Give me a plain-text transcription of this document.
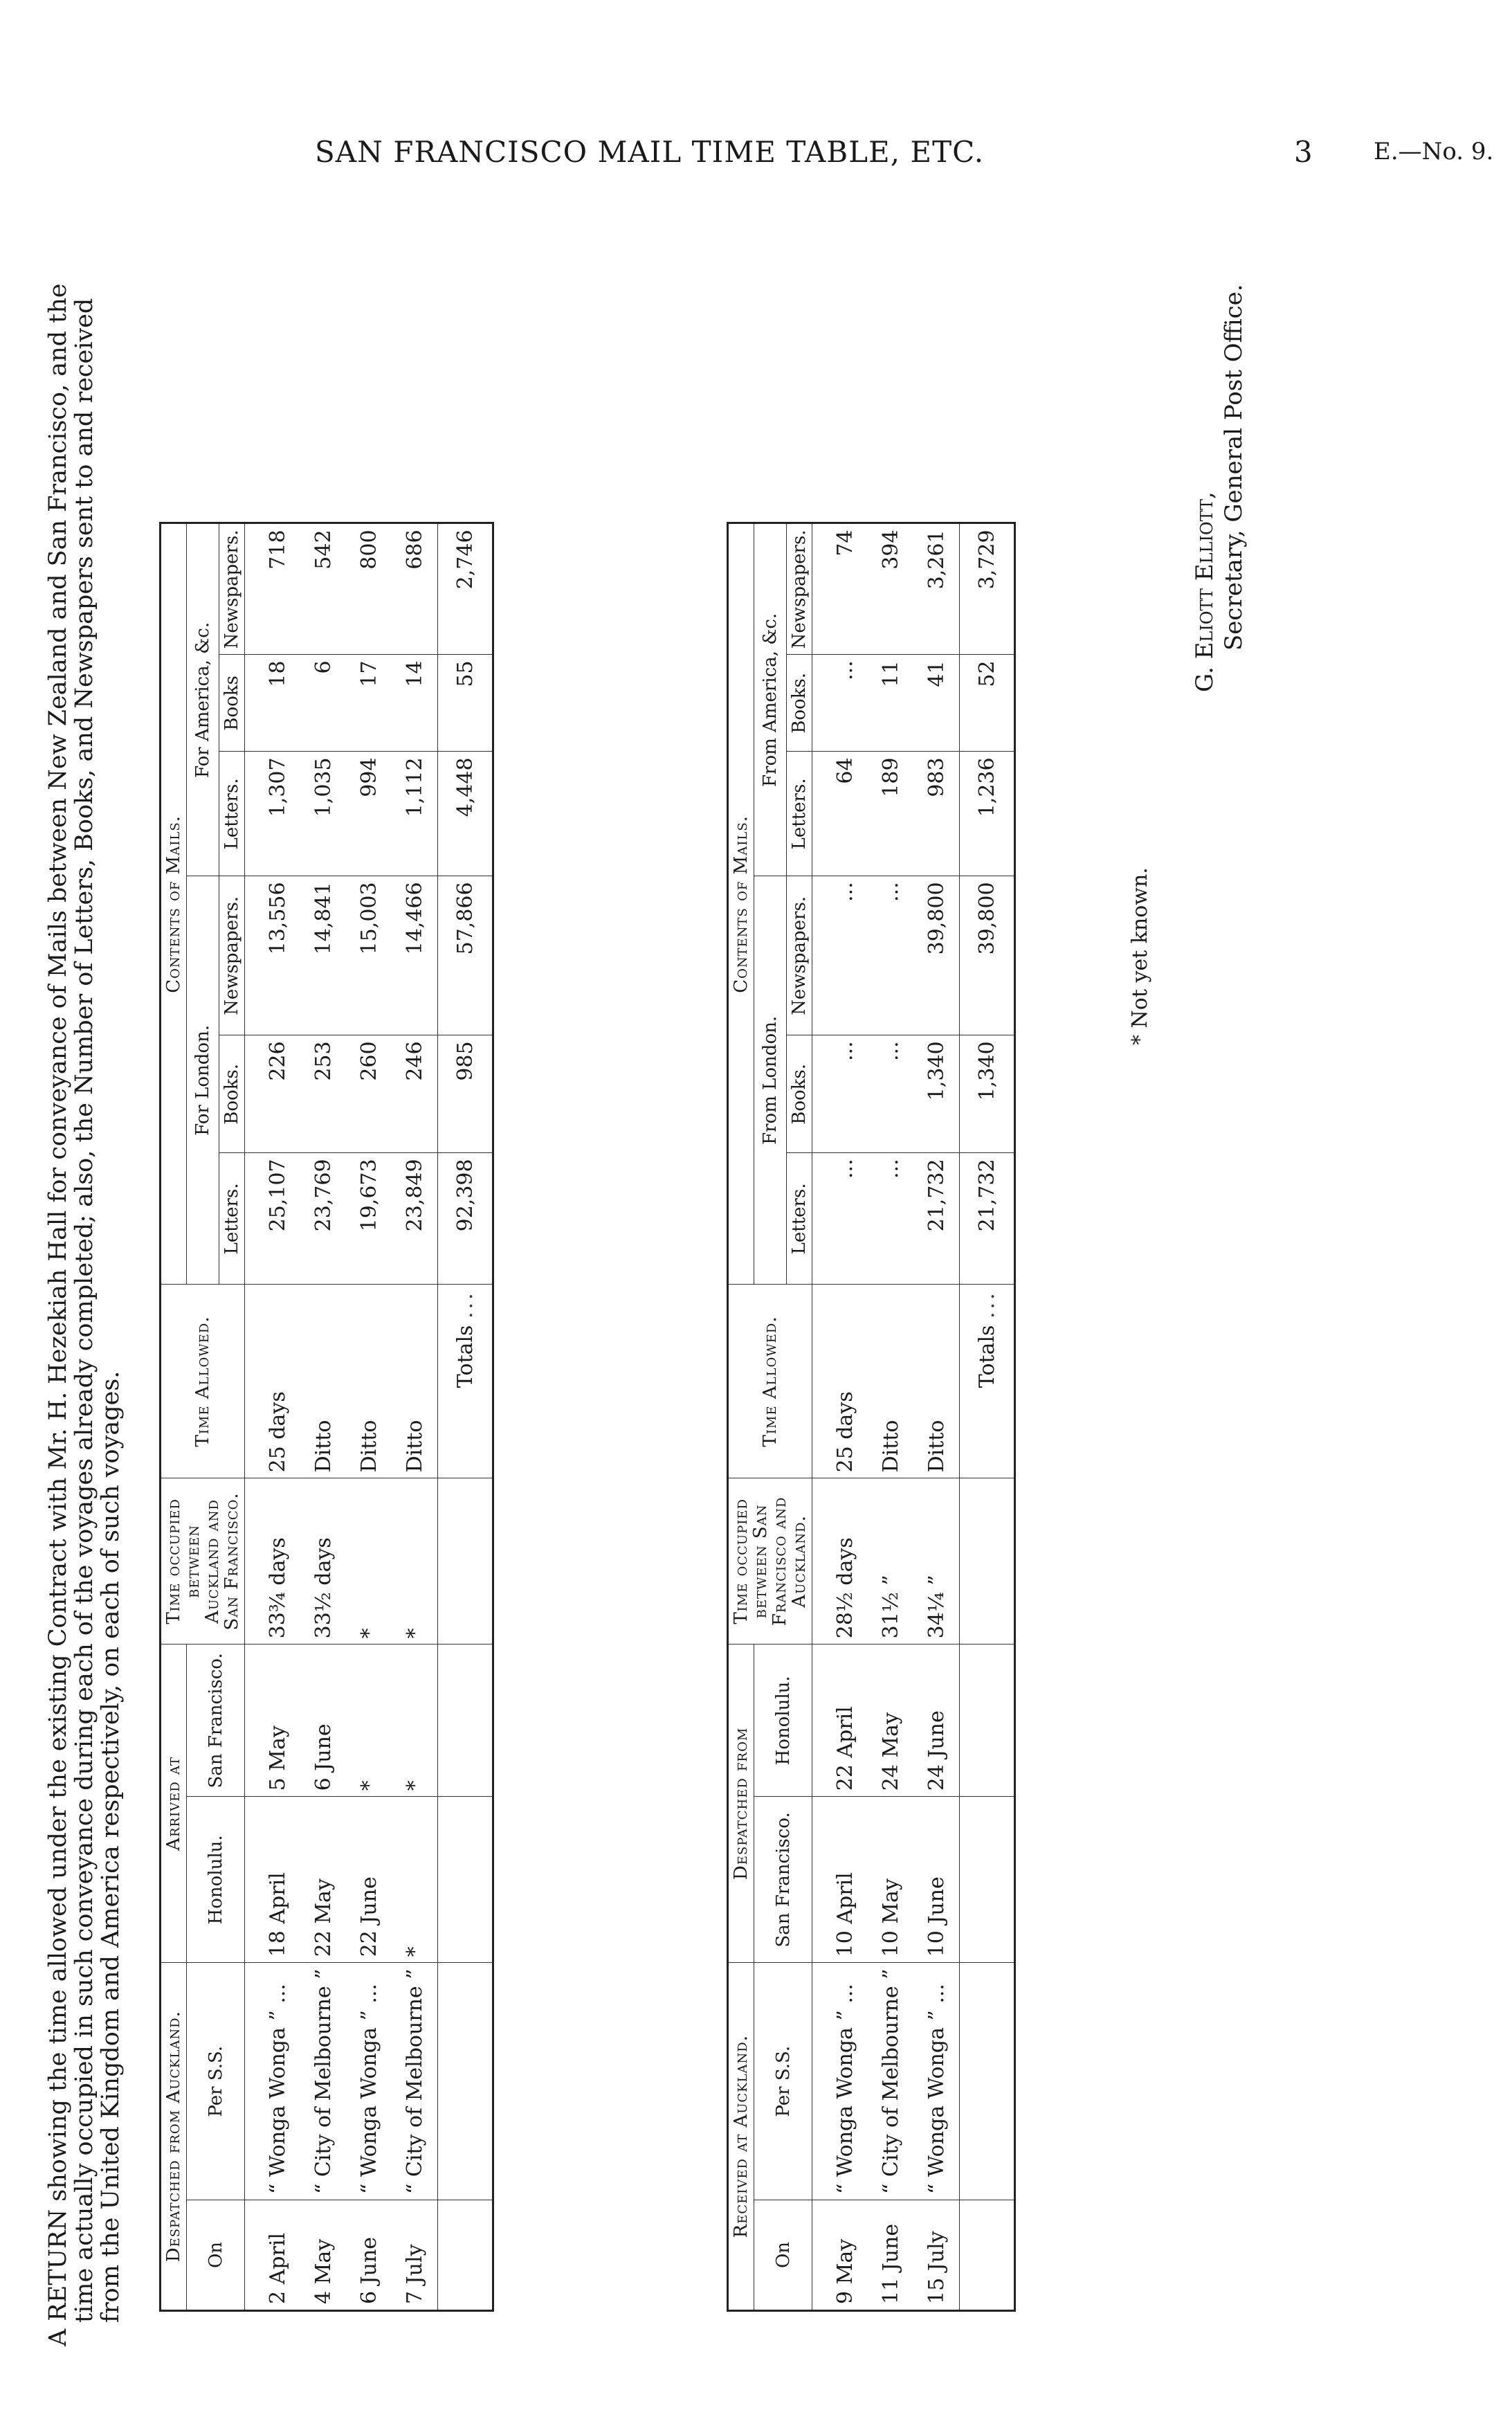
SAN FRANCISCO MAIL TIME TABLE, ETC.	3	E.—No. 9.

A RETURN showing the time allowed under the existing Contract with Mr. H. Hezekiah Hall for conveyance of Mails between New Zealand and San Francisco, and the

time actually occupied in such conveyance during each of the voyages already completed; also, the Number of Letters, Books, and Newspapers sent to and received

from the United Kingdom and America respectively, on each of such voyages. Despatched from Auckland.		Arrived at		Time occupied between Auckland and San Francisco.	Time Allowed.	Contents of Mails.					
On	Per S.S.	Honolulu.	San Francisco.			For London.			For America, &c.		
						Letters.	Books.	Newspapers.	Letters.	Books	Newspapers.
2 April	“ Wonga Wonga ” ...	18 April	5 May	33¾ days	25 days	25,107	226	13,556	1,307	18	718
4 May	“ City of Melbourne ”	22 May	6 June	33½ days	Ditto	23,769	253	14,841	1,035	6	542
6 June	“ Wonga Wonga ” ...	22 June	*	*	Ditto	19,673	260	15,003	994	17	800
7 July	“ City of Melbourne ”	*	*	*	Ditto	23,849	246	14,466	1,112	14	686
					Totals ...	92,398	985	57,866	4,448	55	2,746
Received at Auckland.		Despatched from		Time occupied between San Francisco and Auckland.	Time Allowed.	Contents of Mails.					
On	Per S.S.	San Francisco.	Honolulu.			From London.			From America, &c.		
						Letters.	Books.	Newspapers.	Letters.	Books.	Newspapers.
9 May	“ Wonga Wonga ” ...	10 April	22 April	28½ days	25 days	...	...	...	64	...	74
11 June	“ City of Melbourne ”	10 May	24 May	31½ ”	Ditto	...	...	...	189	11	394
15 July	“ Wonga Wonga ” ...	10 June	24 June	34¼ ”	Ditto	21,732	1,340	39,800	983	41	3,261
					Totals ...	21,732	1,340	39,800	1,236	52	3,729
* Not yet known.
G. Eliott Elliott, Secretary, General Post Office.
